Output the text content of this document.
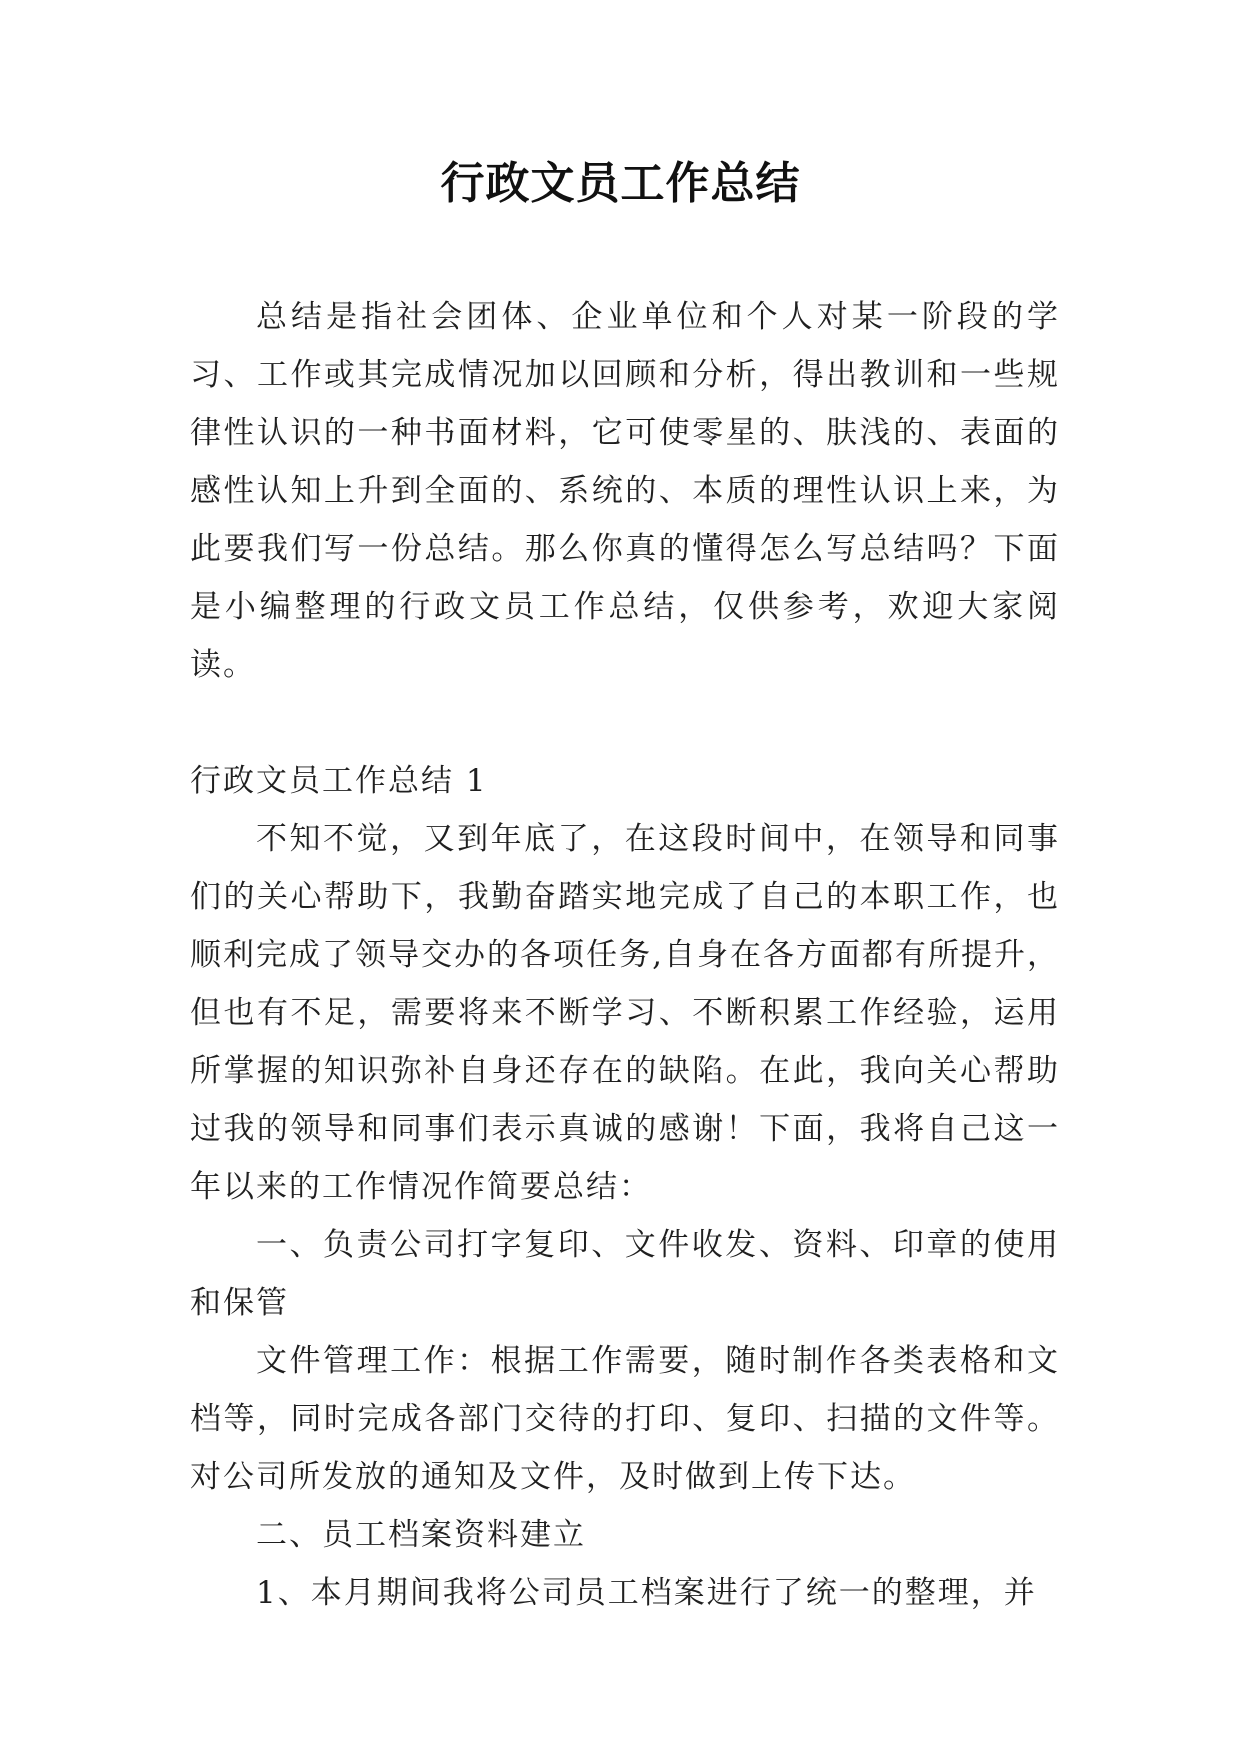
行政文员工作总结

总结是指社会团体、企业单位和个人对某一阶段的学习、工作或其完成情况加以回顾和分析，得出教训和一些规律性认识的一种书面材料，它可使零星的、肤浅的、表面的感性认知上升到全面的、系统的、本质的理性认识上来，为此要我们写一份总结。那么你真的懂得怎么写总结吗？下面是小编整理的行政文员工作总结，仅供参考，欢迎大家阅读。

行政文员工作总结 1

不知不觉，又到年底了，在这段时间中，在领导和同事们的关心帮助下，我勤奋踏实地完成了自己的本职工作，也顺利完成了领导交办的各项任务,自身在各方面都有所提升，但也有不足，需要将来不断学习、不断积累工作经验，运用所掌握的知识弥补自身还存在的缺陷。在此，我向关心帮助过我的领导和同事们表示真诚的感谢！下面，我将自己这一年以来的工作情况作简要总结：

一、负责公司打字复印、文件收发、资料、印章的使用和保管

文件管理工作：根据工作需要，随时制作各类表格和文档等，同时完成各部门交待的打印、复印、扫描的文件等。对公司所发放的通知及文件，及时做到上传下达。

二、员工档案资料建立

1、本月期间我将公司员工档案进行了统一的整理，并
